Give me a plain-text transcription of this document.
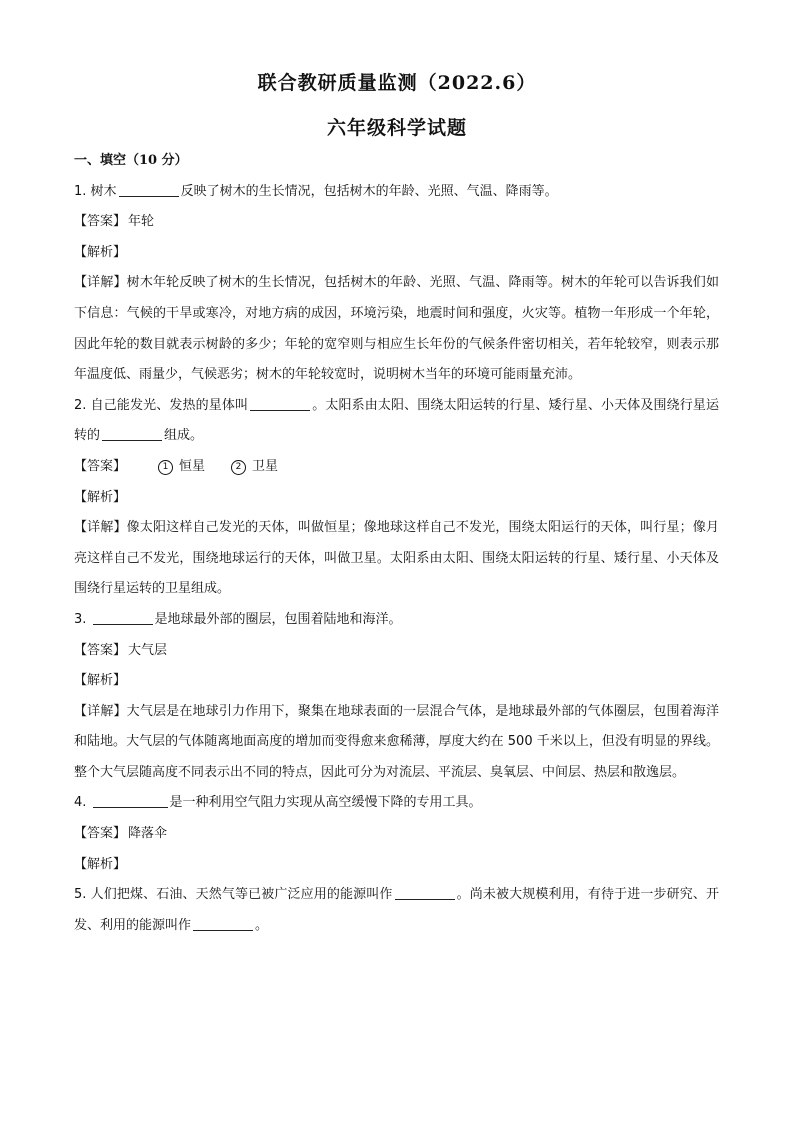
联合教研质量监测（2022.6）
六年级科学试题

一、填空（10 分）

1. 树木	反映了树木的生长情况，包括树木的年龄、光照、气温、降雨等。

【答案】 年轮

【解析】

【详解】树木年轮反映了树木的生长情况，包括树木的年龄、光照、气温、降雨等。树木的年轮可以告诉我们如下信息：气候的干旱或寒冷，对地方病的成因，环境污染，地震时间和强度，火灾等。植物一年形成一个年轮，因此年轮的数目就表示树龄的多少；年轮的宽窄则与相应生长年份的气候条件密切相关，若年轮较窄，则表示那年温度低、雨量少，气候恶劣；树木的年轮较宽时，说明树木当年的环境可能雨量充沛。

2. 自己能发光、发热的星体叫	。太阳系由太阳、围绕太阳运转的行星、矮行星、小天体及围绕行星运转的	组成。

【答案】	1 恒星	2 卫星

【解析】

【详解】像太阳这样自己发光的天体，叫做恒星；像地球这样自己不发光，围绕太阳运行的天体，叫行星；像月亮这样自己不发光，围绕地球运行的天体，叫做卫星。太阳系由太阳、围绕太阳运转的行星、矮行星、小天体及围绕行星运转的卫星组成。

3.	是地球最外部的圈层，包围着陆地和海洋。

【答案】 大气层

【解析】

【详解】大气层是在地球引力作用下，聚集在地球表面的一层混合气体，是地球最外部的气体圈层，包围着海洋和陆地。大气层的气体随离地面高度的增加而变得愈来愈稀薄，厚度大约在 500 千米以上，但没有明显的界线。整个大气层随高度不同表示出不同的特点，因此可分为对流层、平流层、臭氧层、中间层、热层和散逸层。

4.	是一种利用空气阻力实现从高空缓慢下降的专用工具。

【答案】 降落伞

【解析】

5. 人们把煤、石油、天然气等已被广泛应用的能源叫作	。尚未被大规模利用，有待于进一步研究、开发、利用的能源叫作	。
